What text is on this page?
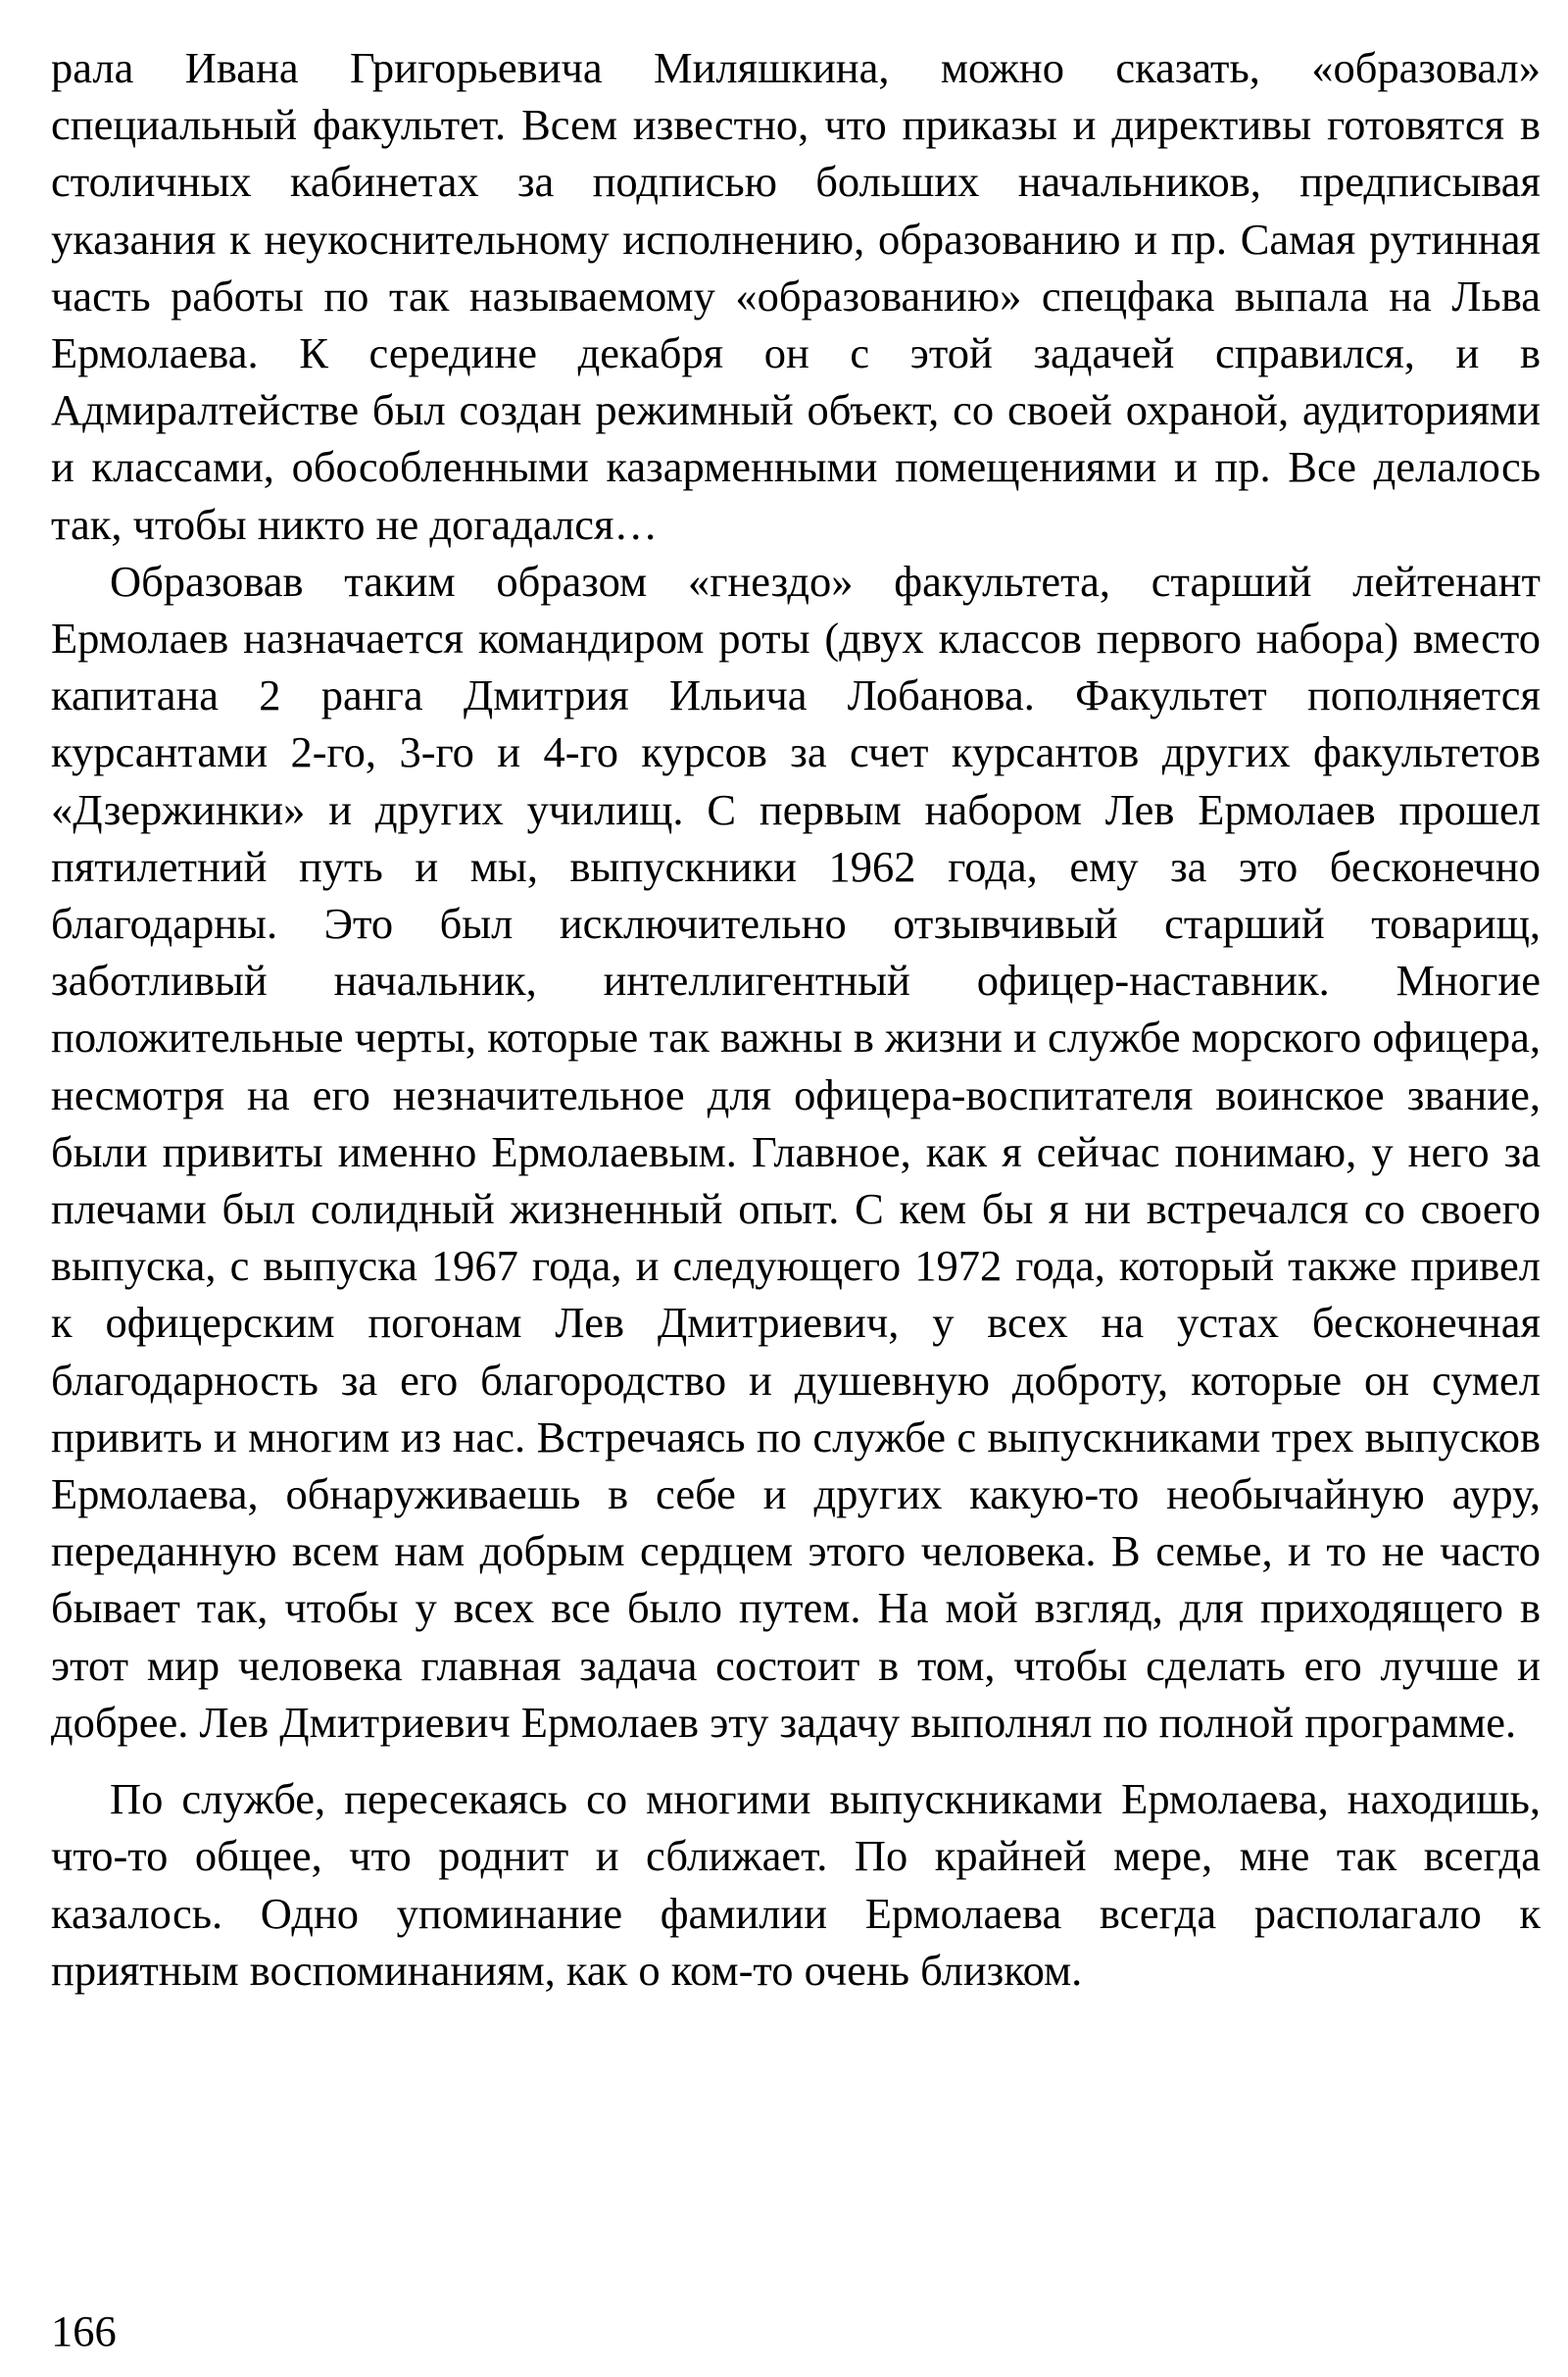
рала Ивана Григорьевича Миляшкина, можно сказать, «образовал» специальный факультет. Всем известно, что приказы и директивы готовятся в столичных кабинетах за подписью больших начальников, предписывая указания к неукоснительному исполнению, образованию и пр. Самая рутинная часть работы по так называемому «образованию» спецфака выпала на Льва Ермолаева. К середине декабря он с этой задачей справился, и в Адмиралтействе был создан режимный объект, со своей охраной, аудиториями и классами, обособленными казарменными помещениями и пр. Все делалось так, чтобы никто не догадался…

Образовав таким образом «гнездо» факультета, старший лейтенант Ермолаев назначается командиром роты (двух классов первого набора) вместо капитана 2 ранга Дмитрия Ильича Лобанова. Факультет пополняется курсантами 2-го, 3-го и 4-го курсов за счет курсантов других факультетов «Дзержинки» и других училищ. С первым набором Лев Ермолаев прошел пятилетний путь и мы, выпускники 1962 года, ему за это бесконечно благодарны. Это был исключительно отзывчивый старший товарищ, заботливый начальник, интеллигентный офицер-наставник. Многие положительные черты, которые так важны в жизни и службе морского офицера, несмотря на его незначительное для офицера-воспитателя воинское звание, были привиты именно Ермолаевым. Главное, как я сейчас понимаю, у него за плечами был солидный жизненный опыт. С кем бы я ни встречался со своего выпуска, с выпуска 1967 года, и следующего 1972 года, который также привел к офицерским погонам Лев Дмитриевич, у всех на устах бесконечная благодарность за его благородство и душевную доброту, которые он сумел привить и многим из нас. Встречаясь по службе с выпускниками трех выпусков Ермолаева, обнаруживаешь в себе и других какую-то необычайную ауру, переданную всем нам добрым сердцем этого человека. В семье, и то не часто бывает так, чтобы у всех все было путем. На мой взгляд, для приходящего в этот мир человека главная задача состоит в том, чтобы сделать его лучше и добрее. Лев Дмитриевич Ермолаев эту задачу выполнял по полной программе.

По службе, пересекаясь со многими выпускниками Ермолаева, находишь, что-то общее, что роднит и сближает. По крайней мере, мне так всегда казалось. Одно упоминание фамилии Ермолаева всегда располагало к приятным воспоминаниям, как о ком-то очень близком.

166
